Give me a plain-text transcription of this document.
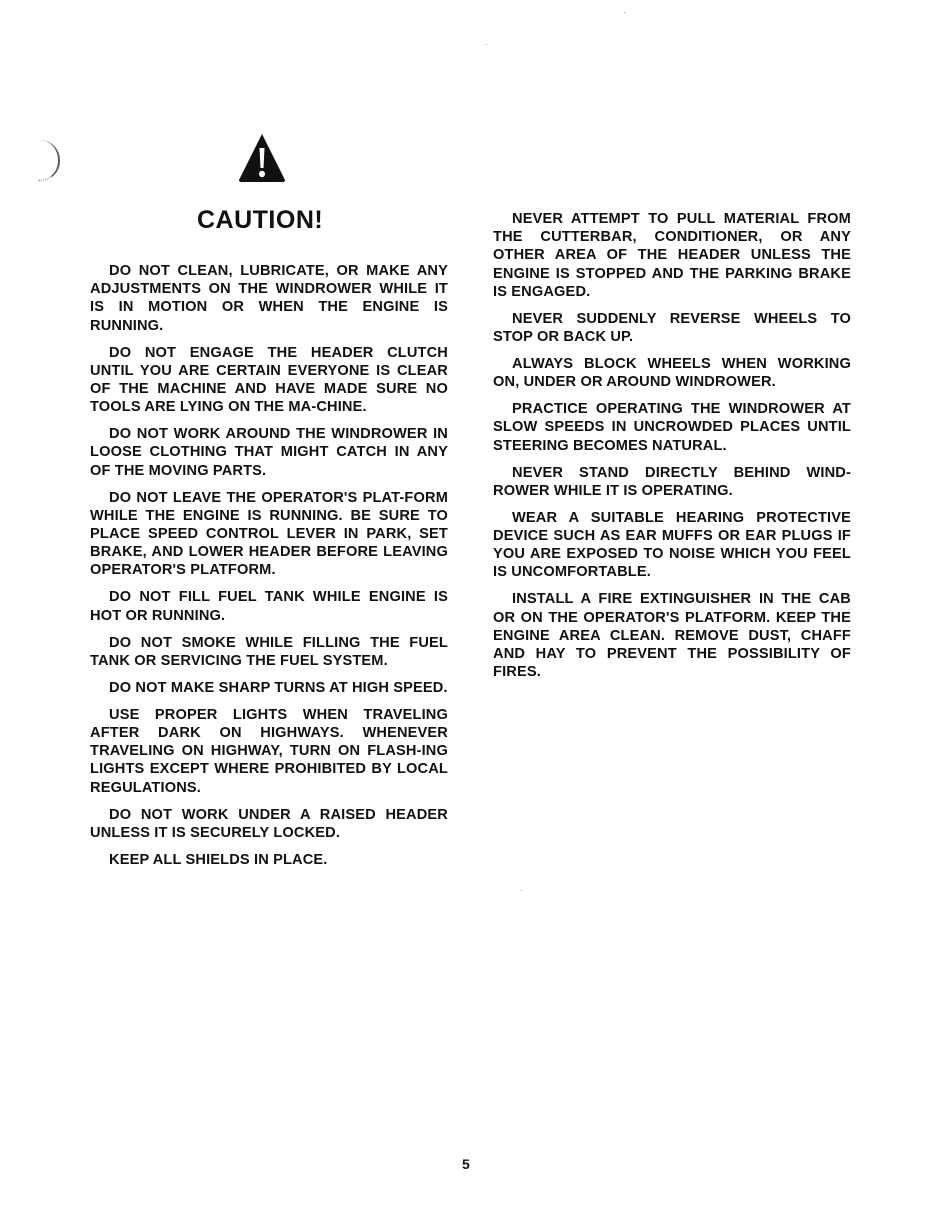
CAUTION!

DO NOT CLEAN, LUBRICATE, OR MAKE ANY ADJUSTMENTS ON THE WINDROWER WHILE IT IS IN MOTION OR WHEN THE ENGINE IS RUNNING.

DO NOT ENGAGE THE HEADER CLUTCH UNTIL YOU ARE CERTAIN EVERYONE IS CLEAR OF THE MACHINE AND HAVE MADE SURE NO TOOLS ARE LYING ON THE MA-CHINE.

DO NOT WORK AROUND THE WINDROWER IN LOOSE CLOTHING THAT MIGHT CATCH IN ANY OF THE MOVING PARTS.

DO NOT LEAVE THE OPERATOR'S PLAT-FORM WHILE THE ENGINE IS RUNNING. BE SURE TO PLACE SPEED CONTROL LEVER IN PARK, SET BRAKE, AND LOWER HEADER BEFORE LEAVING OPERATOR'S PLATFORM.

DO NOT FILL FUEL TANK WHILE ENGINE IS HOT OR RUNNING.

DO NOT SMOKE WHILE FILLING THE FUEL TANK OR SERVICING THE FUEL SYSTEM.

DO NOT MAKE SHARP TURNS AT HIGH SPEED.

USE PROPER LIGHTS WHEN TRAVELING AFTER DARK ON HIGHWAYS. WHENEVER TRAVELING ON HIGHWAY, TURN ON FLASH-ING LIGHTS EXCEPT WHERE PROHIBITED BY LOCAL REGULATIONS.

DO NOT WORK UNDER A RAISED HEADER UNLESS IT IS SECURELY LOCKED.

KEEP ALL SHIELDS IN PLACE.

NEVER ATTEMPT TO PULL MATERIAL FROM THE CUTTERBAR, CONDITIONER, OR ANY OTHER AREA OF THE HEADER UNLESS THE ENGINE IS STOPPED AND THE PARKING BRAKE IS ENGAGED.

NEVER SUDDENLY REVERSE WHEELS TO STOP OR BACK UP.

ALWAYS BLOCK WHEELS WHEN WORKING ON, UNDER OR AROUND WINDROWER.

PRACTICE OPERATING THE WINDROWER AT SLOW SPEEDS IN UNCROWDED PLACES UNTIL STEERING BECOMES NATURAL.

NEVER STAND DIRECTLY BEHIND WIND-ROWER WHILE IT IS OPERATING.

WEAR A SUITABLE HEARING PROTECTIVE DEVICE SUCH AS EAR MUFFS OR EAR PLUGS IF YOU ARE EXPOSED TO NOISE WHICH YOU FEEL IS UNCOMFORTABLE.

INSTALL A FIRE EXTINGUISHER IN THE CAB OR ON THE OPERATOR'S PLATFORM. KEEP THE ENGINE AREA CLEAN. REMOVE DUST, CHAFF AND HAY TO PREVENT THE POSSIBILITY OF FIRES.

5
